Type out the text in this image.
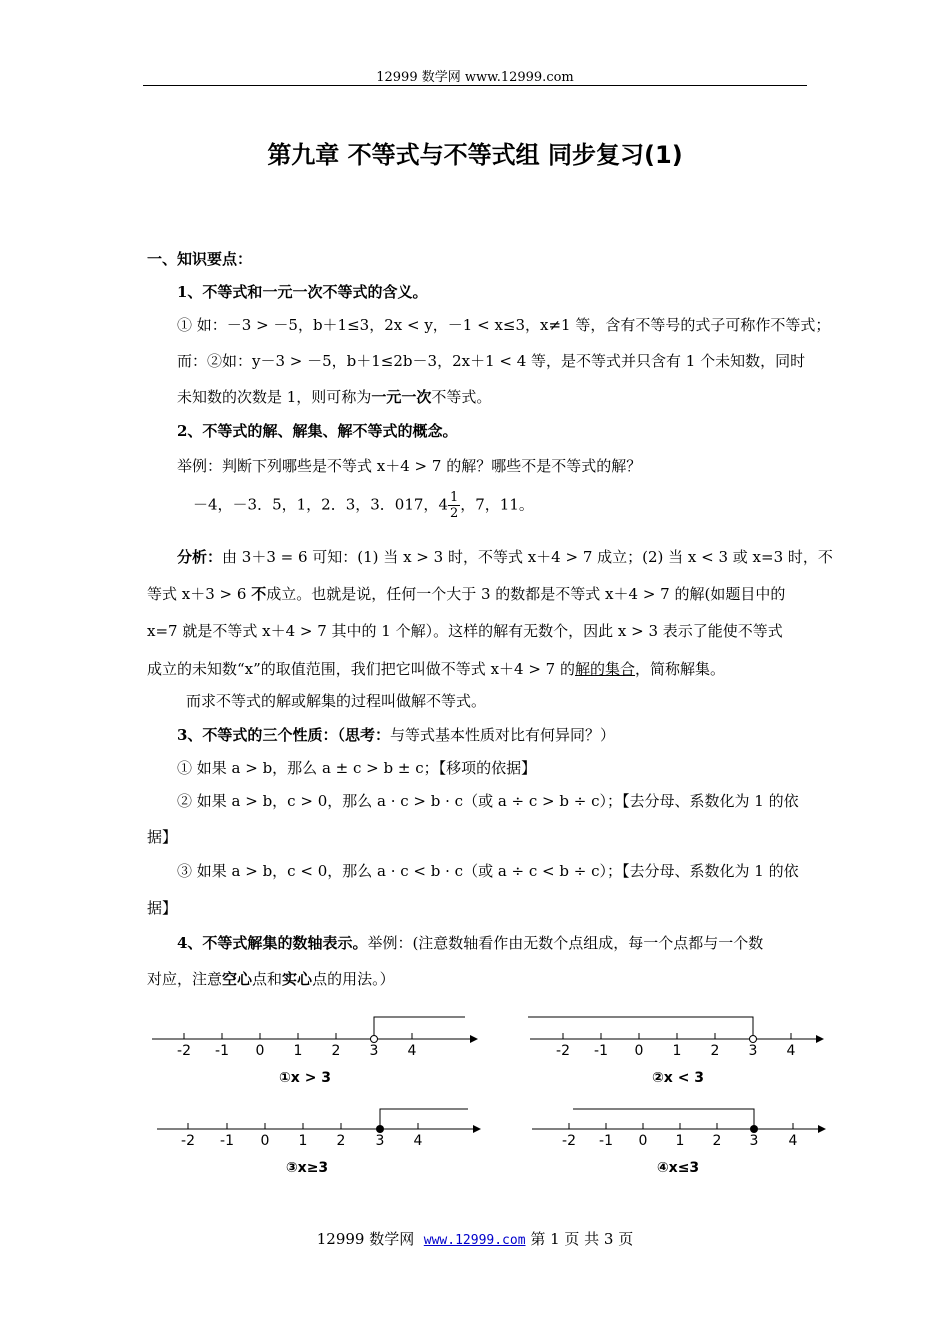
12999 数学网 www.12999.com
第九章 不等式与不等式组 同步复习(1)
一、知识要点：
1、不等式和一元一次不等式的含义。
① 如：－3 > －5，b＋1≤3，2x < y，－1 < x≤3，x≠1 等，含有不等号的式子可称作不等式；
而：②如：y－3 > －5，b＋1≤2b－3，2x＋1 < 4 等，是不等式并只含有 1 个未知数，同时
未知数的次数是 1，则可称为一元一次不等式。
2、不等式的解、解集、解不等式的概念。
举例：判断下列哪些是不等式 x＋4 > 7 的解？哪些不是不等式的解？
－4，－3．5，1，2．3，3．017，$4 \frac{1}{2}$ ，7，11。
分析：由 3＋3 = 6 可知：(1) 当 x > 3 时，不等式 x＋4 > 7 成立；(2) 当 x < 3 或 x=3 时，不
等式 x＋3 > 6 不成立。也就是说，任何一个大于 3 的数都是不等式 x＋4 > 7 的解(如题目中的
x=7 就是不等式 x＋4 > 7 其中的 1 个解）。这样的解有无数个，因此 x > 3 表示了能使不等式
成立的未知数“x”的取值范围，我们把它叫做不等式 x＋4 > 7 的解的集合，简称解集。
而求不等式的解或解集的过程叫做解不等式。
3、不等式的三个性质：（思考：与等式基本性质对比有何异同？）
① 如果 a > b，那么 a ± c > b ± c；【移项的依据】
② 如果 a > b，c > 0，那么 a · c > b · c（或 a ÷ c > b ÷ c）；【去分母、系数化为 1 的依
据】
③ 如果 a > b，c < 0，那么 a · c < b · c（或 a ÷ c < b ÷ c）；【去分母、系数化为 1 的依
据】
4、不等式解集的数轴表示。举例：(注意数轴看作由无数个点组成，每一个点都与一个数
对应，注意空心点和实心点的用法。）
-2 -1 0 1 2 3 4
①x > 3
-2 -1 0 1 2 3 4
②x < 3
-2 -1 0 1 2 3 4
③x≥3
-2 -1 0 1 2 3 4
④x≤3
12999 数学网 www.12999.com 第 1 页 共 3 页
